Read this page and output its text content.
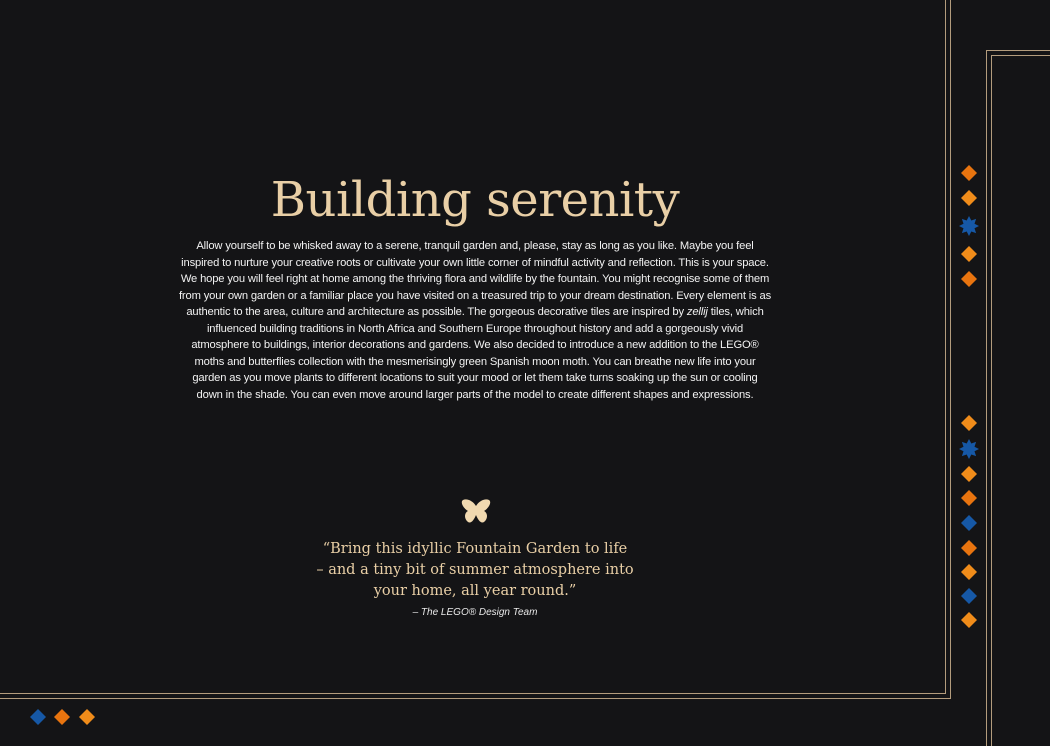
Building serenity

Allow yourself to be whisked away to a serene, tranquil garden and, please, stay as long as you like. Maybe you feel inspired to nurture your creative roots or cultivate your own little corner of mindful activity and reflection. This is your space. We hope you will feel right at home among the thriving flora and wildlife by the fountain. You might recognise some of them from your own garden or a familiar place you have visited on a treasured trip to your dream destination. Every element is as authentic to the area, culture and architecture as possible. The gorgeous decorative tiles are inspired by zellij tiles, which influenced building traditions in North Africa and Southern Europe throughout history and add a gorgeously vivid atmosphere to buildings, interior decorations and gardens. We also decided to introduce a new addition to the LEGO® moths and butterflies collection with the mesmerisingly green Spanish moon moth. You can breathe new life into your garden as you move plants to different locations to suit your mood or let them take turns soaking up the sun or cooling down in the shade. You can even move around larger parts of the model to create different shapes and expressions.

“Bring this idyllic Fountain Garden to life
– and a tiny bit of summer atmosphere into
your home, all year round.”

– The LEGO® Design Team
